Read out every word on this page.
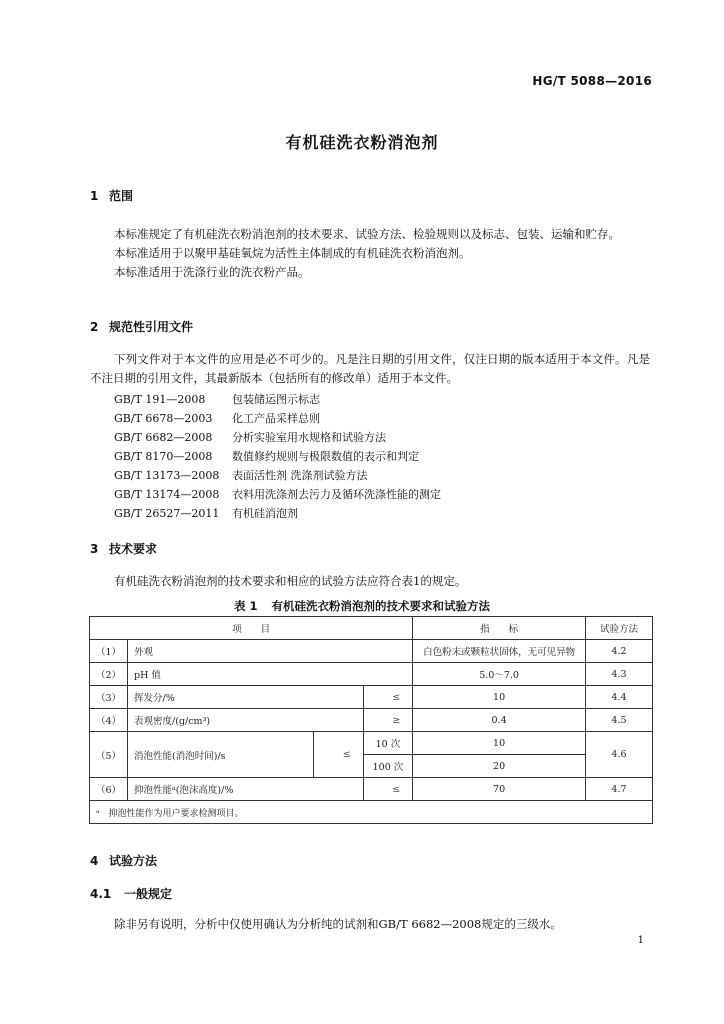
HG/T 5088—2016
有机硅洗衣粉消泡剂
1 范围

本标准规定了有机硅洗衣粉消泡剂的技术要求、试验方法、检验规则以及标志、包装、运输和贮存。

本标准适用于以聚甲基硅氧烷为活性主体制成的有机硅洗衣粉消泡剂。

本标准适用于洗涤行业的洗衣粉产品。

2 规范性引用文件

下列文件对于本文件的应用是必不可少的。凡是注日期的引用文件，仅注日期的版本适用于本文件。凡是不注日期的引用文件，其最新版本（包括所有的修改单）适用于本文件。

GB/T 191—2008 包装储运图示标志
GB/T 6678—2003 化工产品采样总则
GB/T 6682—2008 分析实验室用水规格和试验方法
GB/T 8170—2008 数值修约规则与极限数值的表示和判定
GB/T 13173—2008 表面活性剂 洗涤剂试验方法
GB/T 13174—2008 衣料用洗涤剂去污力及循环洗涤性能的测定
GB/T 26527—2011 有机硅消泡剂
3 技术要求

有机硅洗衣粉消泡剂的技术要求和相应的试验方法应符合表1的规定。

表 1 有机硅洗衣粉消泡剂的技术要求和试验方法
项　　目				指　　标	试验方法
（1）	外观			白色粉末或颗粒状固体，无可见异物	4.2
（2）	pH 值			5.0～7.0	4.3
（3）	挥发分/%		≤	10	4.4
（4）	表观密度/(g/cm³)		≥	0.4	4.5
（5）	消泡性能(消泡时间)/s	≤	10 次	10	4.6
			100 次	20	
（6）	抑泡性能ᵃ(泡沫高度)/%		≤	70	4.7
ᵃ　抑泡性能作为用户要求检测项目。					
4 试验方法
4.1 一般规定

除非另有说明，分析中仅使用确认为分析纯的试剂和GB/T 6682—2008规定的三级水。

1
